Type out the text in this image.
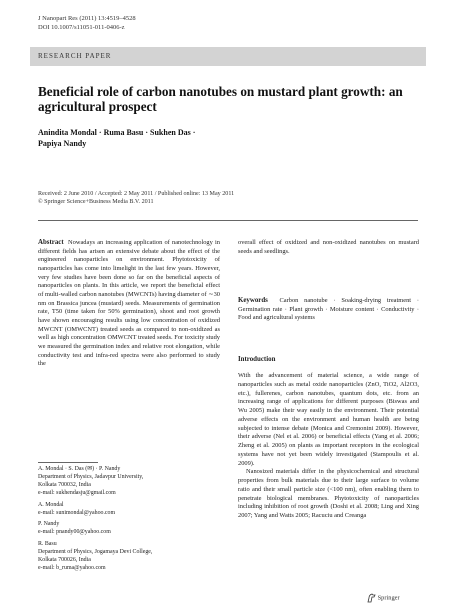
J Nanopart Res (2011) 13:4519–4528
DOI 10.1007/s11051-011-0406-z
RESEARCH PAPER
Beneficial role of carbon nanotubes on mustard plant growth: an agricultural prospect
Anindita Mondal · Ruma Basu · Sukhen Das ·
Papiya Nandy
Received: 2 June 2010 / Accepted: 2 May 2011 / Published online: 13 May 2011
© Springer Science+Business Media B.V. 2011
Abstract Nowadays an increasing application of nanotechnology in different fields has arisen an extensive debate about the effect of the engineered nanoparticles on environment. Phytotoxicity of nanoparticles has come into limelight in the last few years. However, very few studies have been done so far on the beneficial aspects of nanoparticles on plants. In this article, we report the beneficial effect of multi-walled carbon nanotubes (MWCNTs) having diameter of ∼30 nm on Brassica juncea (mustard) seeds. Measurements of germination rate, T50 (time taken for 50% germination), shoot and root growth have shown encouraging results using low concentration of oxidized MWCNT (OMWCNT) treated seeds as compared to non-oxidized as well as high concentration OMWCNT treated seeds. For toxicity study we measured the germination index and relative root elongation, while conductivity test and infra-red spectra were also performed to study the
overall effect of oxidized and non-oxidized nanotubes on mustard seeds and seedlings.
Keywords Carbon nanotube · Soaking-drying treatment · Germination rate · Plant growth · Moisture content · Conductivity · Food and agricultural systems
Introduction

With the advancement of material science, a wide range of nanoparticles such as metal oxide nanoparticles (ZnO, TiO2, Al2O3, etc.), fullerenes, carbon nanotubes, quantum dots, etc. from an increasing range of applications for different purposes (Biswas and Wu 2005) make their way easily in the environment. Their potential adverse effects on the environment and human health are being subjected to intense debate (Monica and Cremonini 2009). However, their adverse (Nel et al. 2006) or beneficial effects (Yang et al. 2006; Zheng et al. 2005) on plants as important receptors in the ecological systems have not yet been widely investigated (Stampoulis et al. 2009).

Nanosized materials differ in the physicochemical and structural properties from bulk materials due to their large surface to volume ratio and their small particle size (<100 nm), often enabling them to penetrate biological membranes. Phytotoxicity of nanoparticles including inhibition of root growth (Doshi et al. 2008; Ling and Xing 2007; Yang and Watts 2005; Racuciu and Creanga

A. Mondal · S. Das (✉) · P. Nandy
Department of Physics, Jadavpur University,
Kolkata 700032, India
e-mail: sukhendasju@gmail.com

A. Mondal
e-mail: sunimondal@yahoo.com

P. Nandy
e-mail: pnandy00@yahoo.com

R. Basu
Department of Physics, Jogamaya Devi College,
Kolkata 700026, India
e-mail: b_ruma@yahoo.com

Springer
